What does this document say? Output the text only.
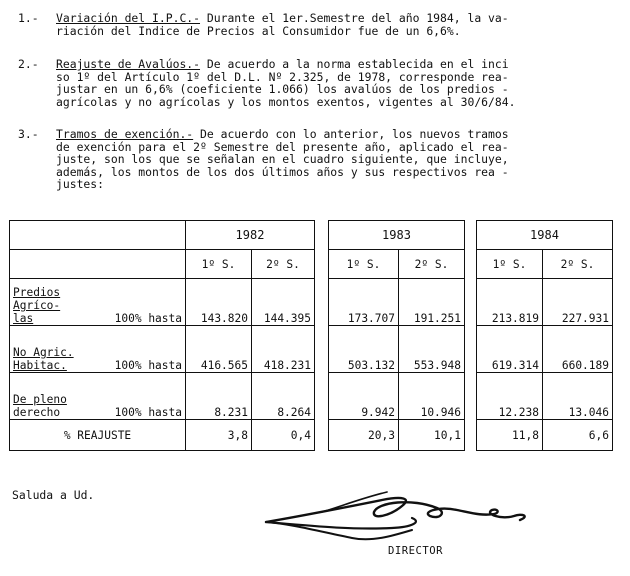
1.-	Variación del I.P.C.- Durante el 1er.Semestre del año 1984, la va-
riación del Indice de Precios al Consumidor fue de un 6,6%.
2.-	Reajuste de Avalúos.- De acuerdo a la norma establecida en el inci
so 1º del Artículo 1º del D.L. Nº 2.325, de 1978, corresponde rea-
justar en un 6,6% (coeficiente 1.066) los avalúos de los predios -
agrícolas y no agrícolas y los montos exentos, vigentes al 30/6/84.
3.-	Tramos de exención.- De acuerdo con lo anterior, los nuevos tramos
de exención para el 2º Semestre del presente año, aplicado el rea-
juste, son los que se señalan en el cuadro siguiente, que incluye,
además, los montos de los dos últimos años y sus respectivos rea -
justes:
	1982			1983			1984	
	1º S.	2º S.		1º S.	2º S.		1º S.	2º S.

Predios
Agríco-
las 100% hasta	143.820	144.395		173.707	191.251		213.819	227.931

No Agric.
Habitac. 100% hasta	416.565	418.231		503.132	553.948		619.314	660.189

De pleno
derecho 100% hasta	8.231	8.264		9.942	10.946		12.238	13.046
% REAJUSTE	3,8	0,4		20,3	10,1		11,8	6,6
Saluda a Ud.
DIRECTOR
